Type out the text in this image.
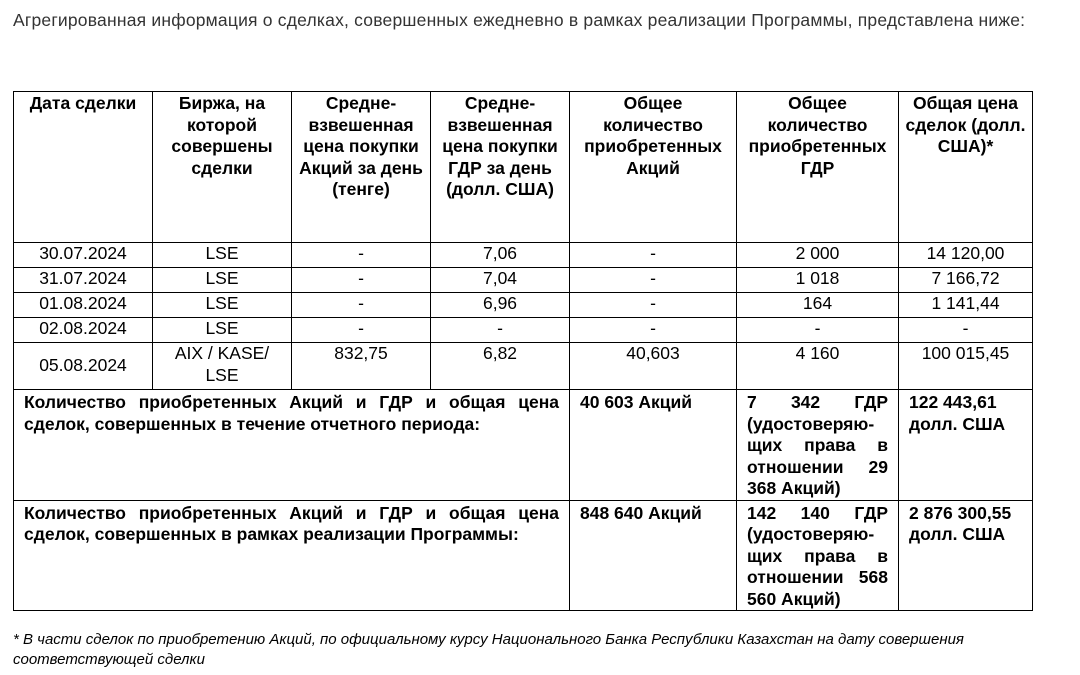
Агрегированная информация о сделках, совершенных ежедневно в рамках реализации Программы, представлена ниже:
Дата сделки	Биржа, на которой совершены сделки	Средне-взвешенная цена покупки Акций за день (тенге)	Средне-взвешенная цена покупки ГДР за день (долл. США)	Общее количество приобретенных Акций	Общее количество приобретенных ГДР	Общая цена сделок (долл. США)*
30.07.2024	LSE	-	7,06	-	2 000	14 120,00
31.07.2024	LSE	-	7,04	-	1 018	7 166,72
01.08.2024	LSE	-	6,96	-	164	1 141,44
02.08.2024	LSE	-	-	-	-	-
05.08.2024	AIX / KASE/ LSE	832,75	6,82	40,603	4 160	100 015,45
Количество приобретенных Акций и ГДР и общая цена сделок, совершенных в течение отчетного периода:				40 603 Акций	7 342 ГДР (удостоверяю-щих права в отношении 29 368 Акций)	122 443,61 долл. США
Количество приобретенных Акций и ГДР и общая цена сделок, совершенных в рамках реализации Программы:				848 640 Акций	142 140 ГДР (удостоверяю-щих права в отношении 568 560 Акций)	2 876 300,55 долл. США
* В части сделок по приобретению Акций, по официальному курсу Национального Банка Республики Казахстан на дату совершения соответствующей сделки
